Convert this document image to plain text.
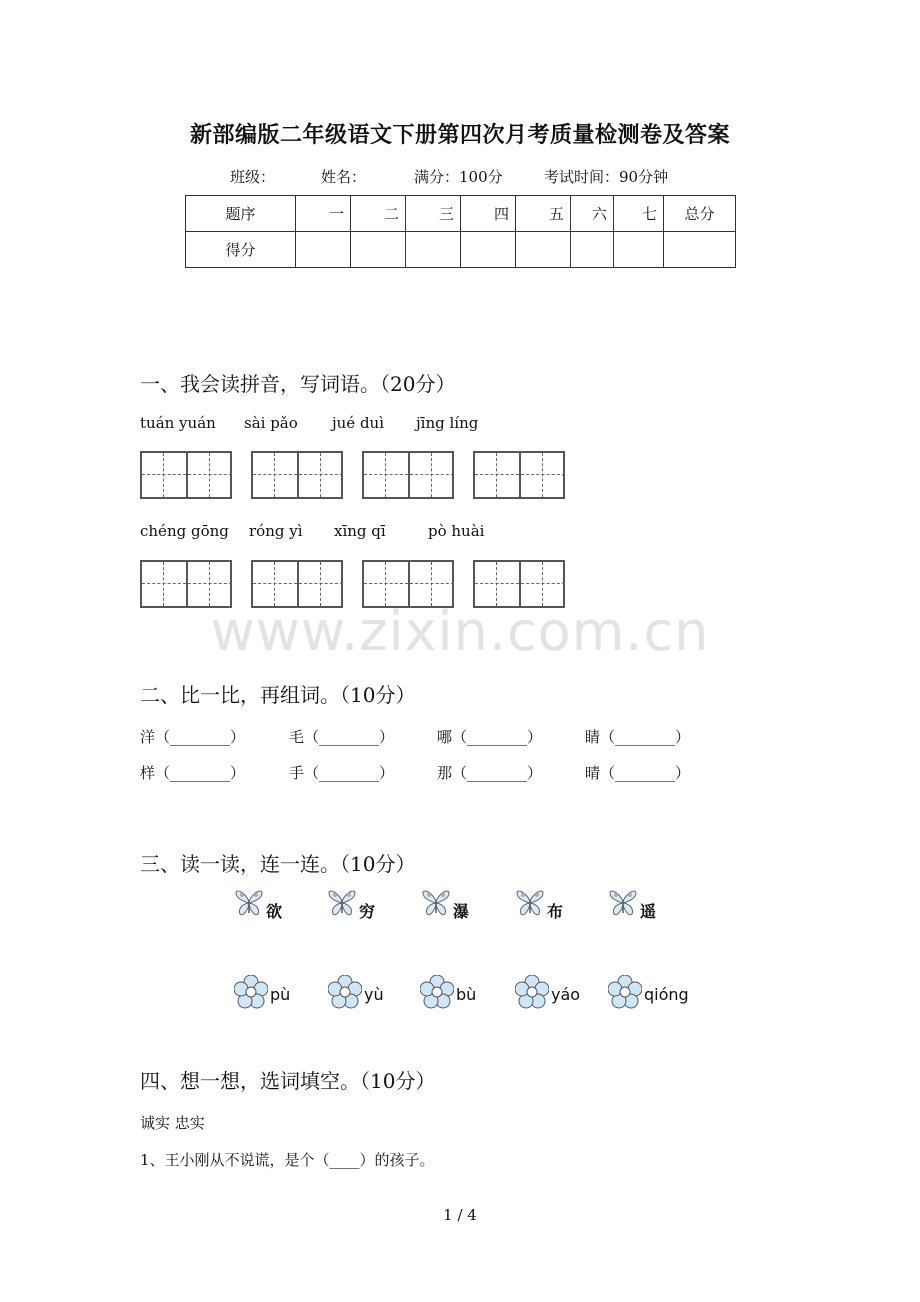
新部编版二年级语文下册第四次月考质量检测卷及答案
班级：	姓名：	满分：100分	考试时间：90分钟
题序	一	二	三	四	五	六	七	总分
得分								
一、我会读拼音，写词语。（20分）
tuán yuán sài pǎo jué duì jīng líng
chéng gōng róng yì xīng qī	pò huài
www.zixin.com.cn
二、比一比，再组词。（10分）
洋（________）	毛（________）	哪（________）	睛（________）
样（________）	手（________）	那（________）	晴（________）
三、读一读，连一连。（10分）
欲	穷	瀑	布	遥
pù	yù	bù	yáo	qióng
四、想一想，选词填空。（10分）
诚实 忠实
1、王小刚从不说谎，是个（____）的孩子。
1 / 4
